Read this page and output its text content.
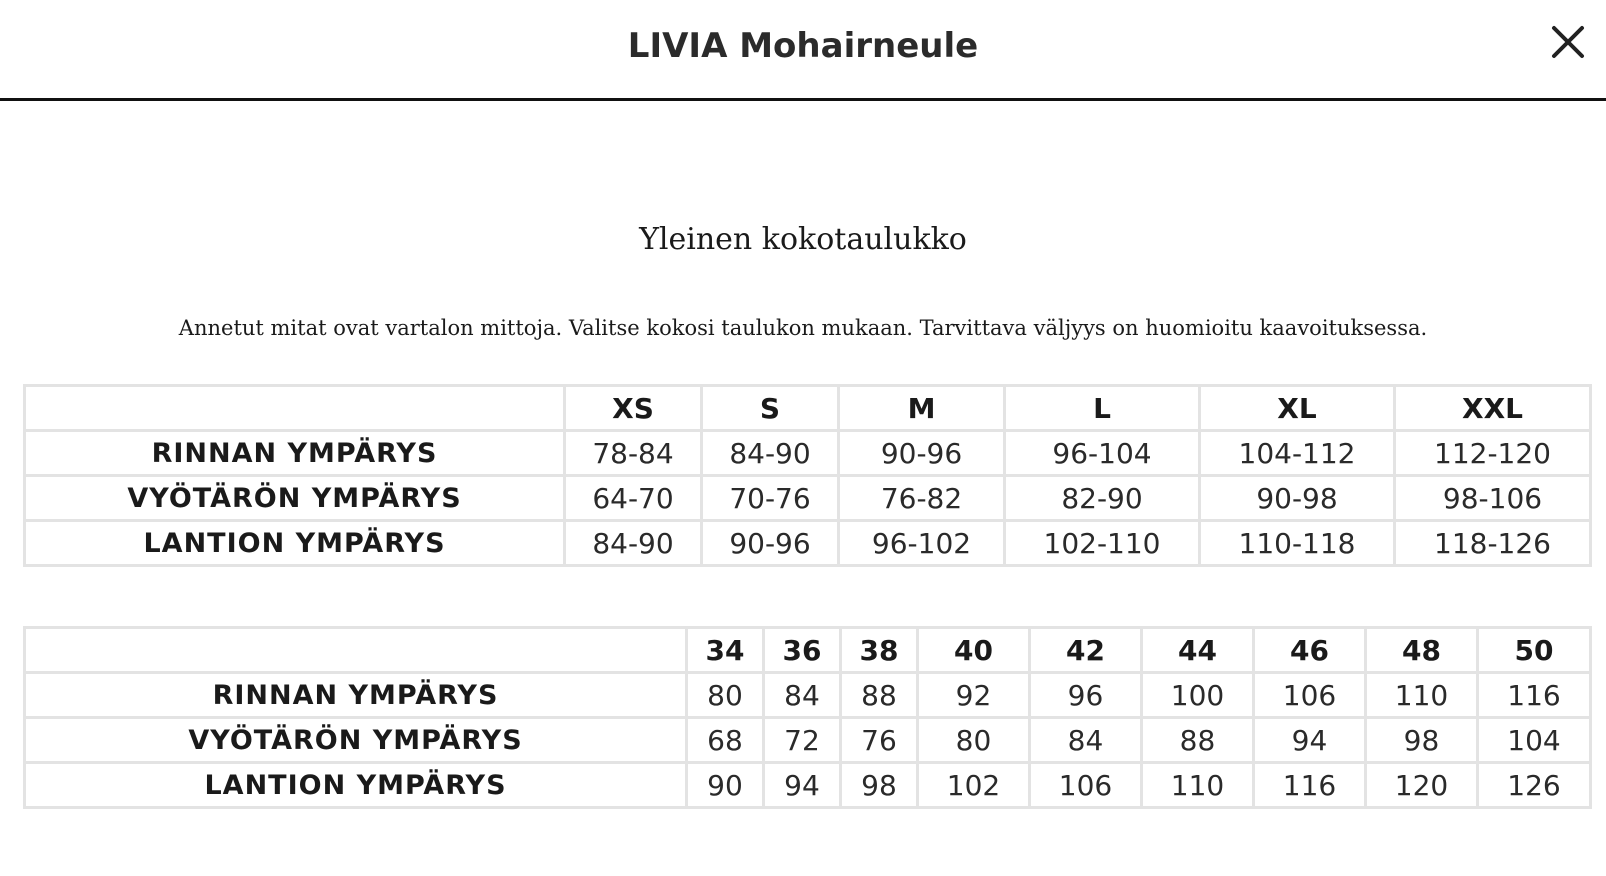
LIVIA Mohairneule
Yleinen kokotaulukko
Annetut mitat ovat vartalon mittoja. Valitse kokosi taulukon mukaan. Tarvittava väljyys on huomioitu kaavoituksessa.
	XS	S	M	L	XL	XXL
RINNAN YMPÄRYS	78-84	84-90	90-96	96-104	104-112	112-120
VYÖTÄRÖN YMPÄRYS	64-70	70-76	76-82	82-90	90-98	98-106
LANTION YMPÄRYS	84-90	90-96	96-102	102-110	110-118	118-126
	34	36	38	40	42	44	46	48	50
RINNAN YMPÄRYS	80	84	88	92	96	100	106	110	116
VYÖTÄRÖN YMPÄRYS	68	72	76	80	84	88	94	98	104
LANTION YMPÄRYS	90	94	98	102	106	110	116	120	126
